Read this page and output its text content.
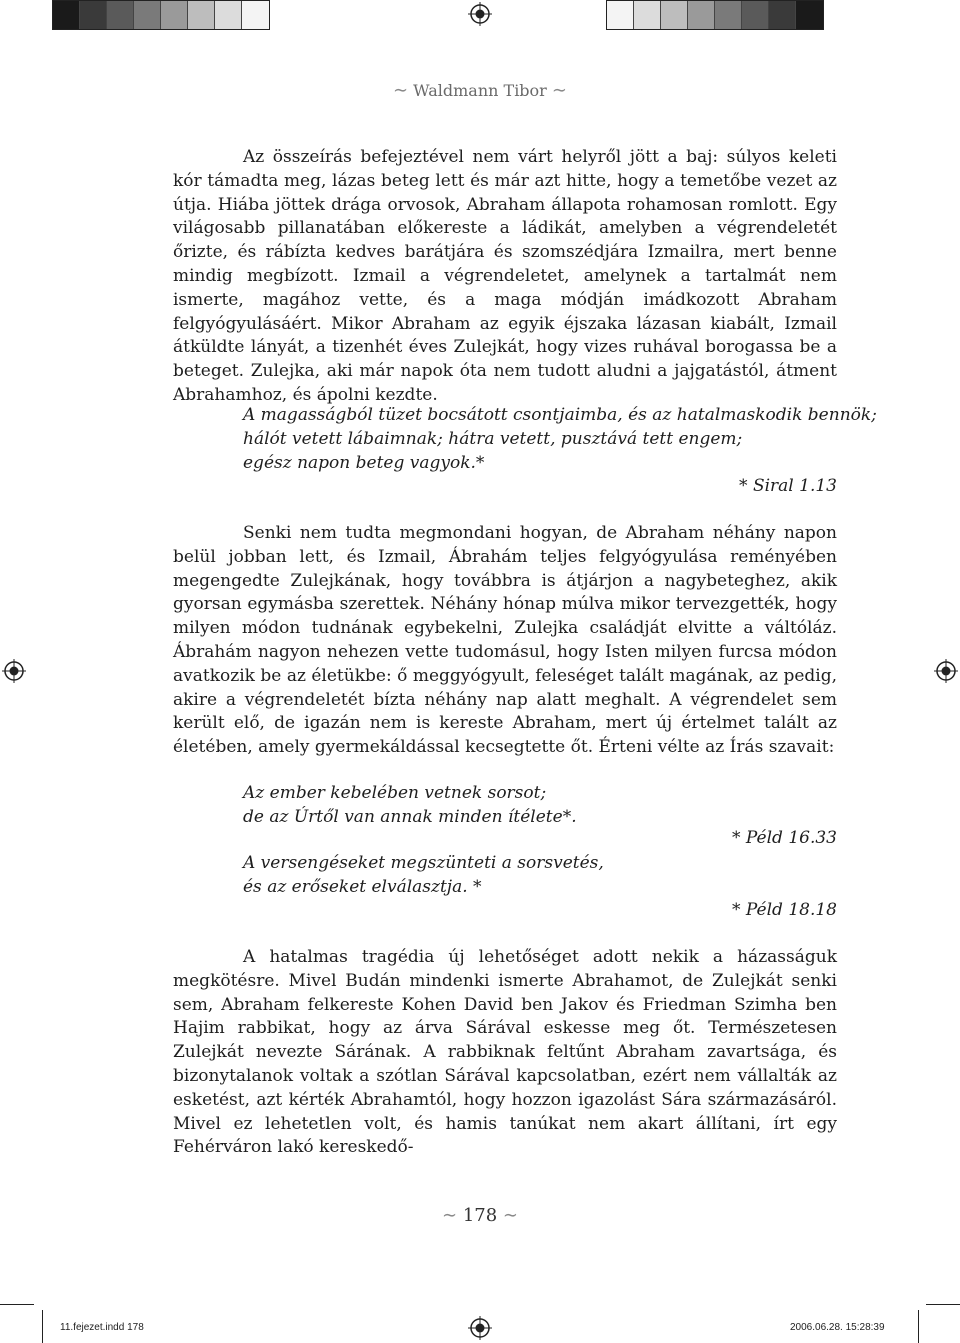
∼ Waldmann Tibor ∼

Az összeírás befejeztével nem várt helyről jött a baj: súlyos keleti kór támadta meg, lázas beteg lett és már azt hitte, hogy a temetőbe vezet az útja. Hiába jöttek drága orvosok, Abraham állapota rohamosan romlott. Egy világosabb pillanatában előkereste a ládikát, amelyben a végrendeletét őrizte, és rábízta kedves barátjára és szomszédjára Izmailra, mert benne mindig megbízott. Izmail a végrendeletet, amelynek a tartalmát nem ismerte, magához vette, és a maga módján imádkozott Abraham felgyógyulásáért. Mikor Abraham az egyik éjszaka lázasan kiabált, Izmail átküldte lányát, a tizenhét éves Zulejkát, hogy vizes ruhával borogassa be a beteget. Zulejka, aki már napok óta nem tudott aludni a jajgatástól, átment Abrahamhoz, és ápolni kezdte.

A magasságból tüzet bocsátott csontjaimba, és az hatalmaskodik bennök;
hálót vetett lábaimnak; hátra vetett, pusztává tett engem;
egész napon beteg vagyok.*
* Siral 1.13

Senki nem tudta megmondani hogyan, de Abraham néhány napon belül jobban lett, és Izmail, Ábrahám teljes felgyógyulása reményében megengedte Zulejkának, hogy továbbra is átjárjon a nagybeteghez, akik gyorsan egymásba szerettek. Néhány hónap múlva mikor tervezgették, hogy milyen módon tudnának egybekelni, Zulejka családját elvitte a váltóláz. Ábrahám nagyon nehezen vette tudomásul, hogy Isten milyen furcsa módon avatkozik be az életükbe: ő meggyógyult, feleséget talált magának, az pedig, akire a végrendeletét bízta néhány nap alatt meghalt. A végrendelet sem került elő, de igazán nem is kereste Abraham, mert új értelmet talált az életében, amely gyermekáldással kecsegtette őt. Érteni vélte az Írás szavait:

Az ember kebelében vetnek sorsot;
de az Úrtől van annak minden ítélete*.
* Péld 16.33
A versengéseket megszünteti a sorsvetés,
és az erőseket elválasztja. *
* Péld 18.18

A hatalmas tragédia új lehetőséget adott nekik a házasságuk megkötésre. Mivel Budán mindenki ismerte Abrahamot, de Zulejkát senki sem, Abraham felkereste Kohen David ben Jakov és Friedman Szimha ben Hajim rabbikat, hogy az árva Sárával eskesse meg őt. Természetesen Zulejkát nevezte Sárának. A rabbiknak feltűnt Abraham zavartsága, és bizonytalanok voltak a szótlan Sárával kapcsolatban, ezért nem vállalták az esketést, azt kérték Abrahamtól, hogy hozzon igazolást Sára származásáról. Mivel ez lehetetlen volt, és hamis tanúkat nem akart állítani, írt egy Fehérváron lakó kereskedő-

∼ 178 ∼
11.fejezet.indd 178	2006.06.28. 15:28:39
